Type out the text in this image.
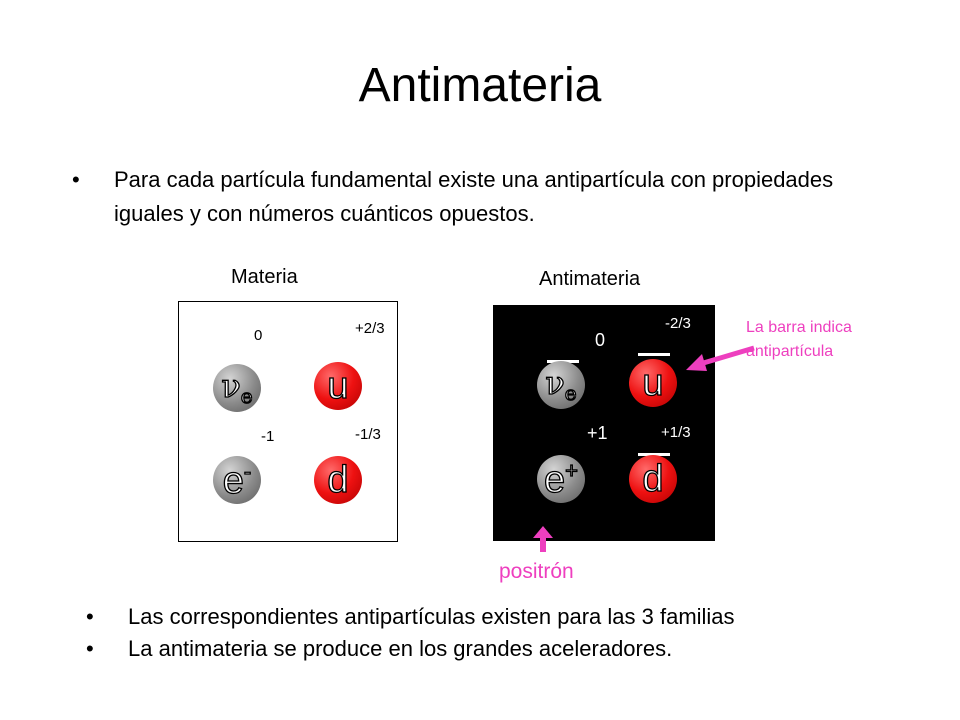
Antimateria
•	Para cada partícula fundamental existe una antipartícula con propiedades iguales y con números cuánticos opuestos.
Materia
0	+2/3
-1	-1/3
$\nu_e$ u
e- d
Antimateria
0
-2/3
+1	+1/3
$\nu_e$ u
e+ d
La barra indica antipartícula
positrón
•	Las correspondientes antipartículas existen para las 3 familias
•	La antimateria se produce en los grandes aceleradores.
